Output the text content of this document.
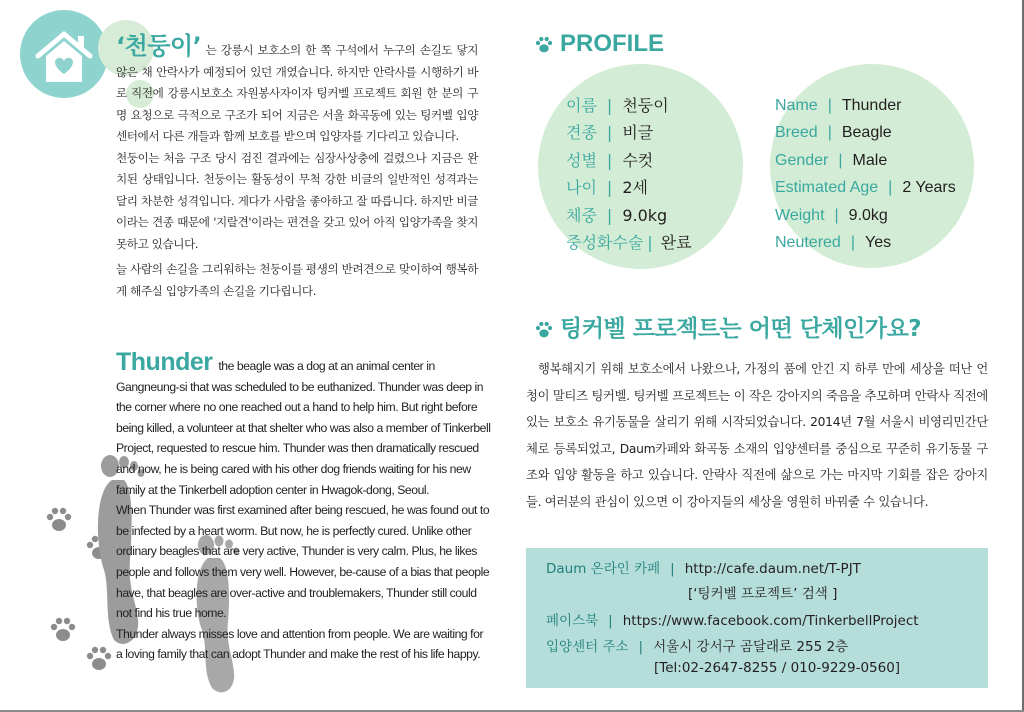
‘천둥이’ 는 강릉시 보호소의 한 쪽 구석에서 누구의 손길도 닿지 않은 채 안락사가 예정되어 있던 개였습니다. 하지만 안락사를 시행하기 바로 직전에 강릉시보호소 자원봉사자이자 팅커벨 프로젝트 회원 한 분의 구명 요청으로 극적으로 구조가 되어 지금은 서울 화곡동에 있는 팅커벨 입양센터에서 다른 개들과 함께 보호를 받으며 입양자를 기다리고 있습니다.

천둥이는 처음 구조 당시 검진 결과에는 심장사상충에 걸렸으나 지금은 완치된 상태입니다. 천둥이는 활동성이 무척 강한 비글의 일반적인 성격과는 달리 차분한 성격입니다. 게다가 사람을 좋아하고 잘 따릅니다. 하지만 비글이라는 견종 때문에 '지랄견'이라는 편견을 갖고 있어 아직 입양가족을 찾지 못하고 있습니다.

늘 사람의 손길을 그리워하는 천둥이를 평생의 반려견으로 맞이하여 행복하게 해주실 입양가족의 손길을 기다립니다.

Thunder the beagle was a dog at an animal center in Gangneung-si that was scheduled to be euthanized. Thunder was deep in the corner where no one reached out a hand to help him. But right before being killed, a volunteer at that shelter who was also a member of Tinkerbell Project, requested to rescue him. Thunder was then dramatically rescued and now, he is being cared with his other dog friends waiting for his new family at the Tinkerbell adoption center in Hwagok-dong, Seoul.

When Thunder was first examined after being rescued, he was found out to be infected by a heart worm. But now, he is perfectly cured. Unlike other ordinary beagles that are very active, Thunder is very calm. Plus, he likes people and follows them very well. However, be-cause of a bias that people have, that beagles are over-active and troublemakers, Thunder still could not find his true home.

Thunder always misses love and attention from people. We are waiting for a loving family that can adopt Thunder and make the rest of his life happy.

PROFILE
이름 | 천둥이
견종 | 비글
성별 | 수컷
나이 | 2세
체중 | 9.0kg
중성화수술 | 완료
Name | Thunder
Breed | Beagle
Gender | Male
Estimated Age | 2 Years
Weight | 9.0kg
Neutered | Yes
팅커벨 프로젝트는 어떤 단체인가요?
행복해지기 위해 보호소에서 나왔으나, 가정의 품에 안긴 지 하루 만에 세상을 떠난 언청이 말티즈 팅커벨. 팅커벨 프로젝트는 이 작은 강아지의 죽음을 추모하며 안락사 직전에 있는 보호소 유기동물을 살리기 위해 시작되었습니다. 2014년 7월 서울시 비영리민간단체로 등록되었고, Daum카페와 화곡동 소재의 입양센터를 중심으로 꾸준히 유기동물 구조와 입양 활동을 하고 있습니다. 안락사 직전에 삶으로 가는 마지막 기회를 잡은 강아지들. 여러분의 관심이 있으면 이 강아지들의 세상을 영원히 바꿔줄 수 있습니다.
Daum 온라인 카페 | http://cafe.daum.net/T-PJT
[‘팅커벨 프로젝트’ 검색 ]
페이스북 | https://www.facebook.com/TinkerbellProject
입양센터 주소 | 서울시 강서구 곰달래로 255 2층
[Tel:02-2647-8255 / 010-9229-0560]
